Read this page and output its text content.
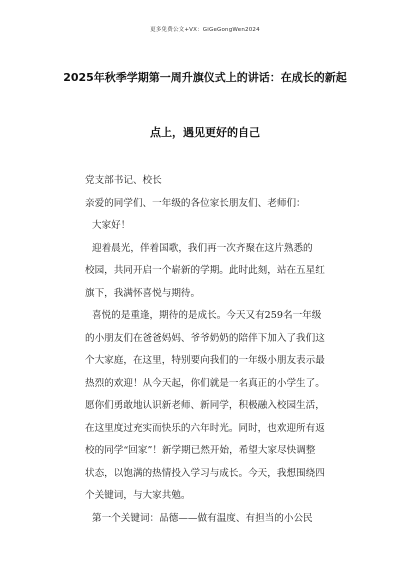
更多免费公文+VX：GiGeGongWen2024
2025年秋季学期第一周升旗仪式上的讲话：在成长的新起
点上，遇见更好的自己
党支部书记、校长
亲爱的同学们、一年级的各位家长朋友们、老师们：
大家好！
迎着晨光，伴着国歌，我们再一次齐聚在这片熟悉的
校园，共同开启一个崭新的学期。此时此刻，站在五星红
旗下，我满怀喜悦与期待。
喜悦的是重逢，期待的是成长。今天又有259名一年级
的小朋友们在爸爸妈妈、爷爷奶奶的陪伴下加入了我们这
个大家庭，在这里，特别要向我们的一年级小朋友表示最
热烈的欢迎！从今天起，你们就是一名真正的小学生了。
愿你们勇敢地认识新老师、新同学，积极融入校园生活，
在这里度过充实而快乐的六年时光。同时，也欢迎所有返
校的同学“回家”！新学期已然开始，希望大家尽快调整
状态，以饱满的热情投入学习与成长。今天，我想围绕四
个关键词，与大家共勉。
第一个关键词：品德——做有温度、有担当的小公民
